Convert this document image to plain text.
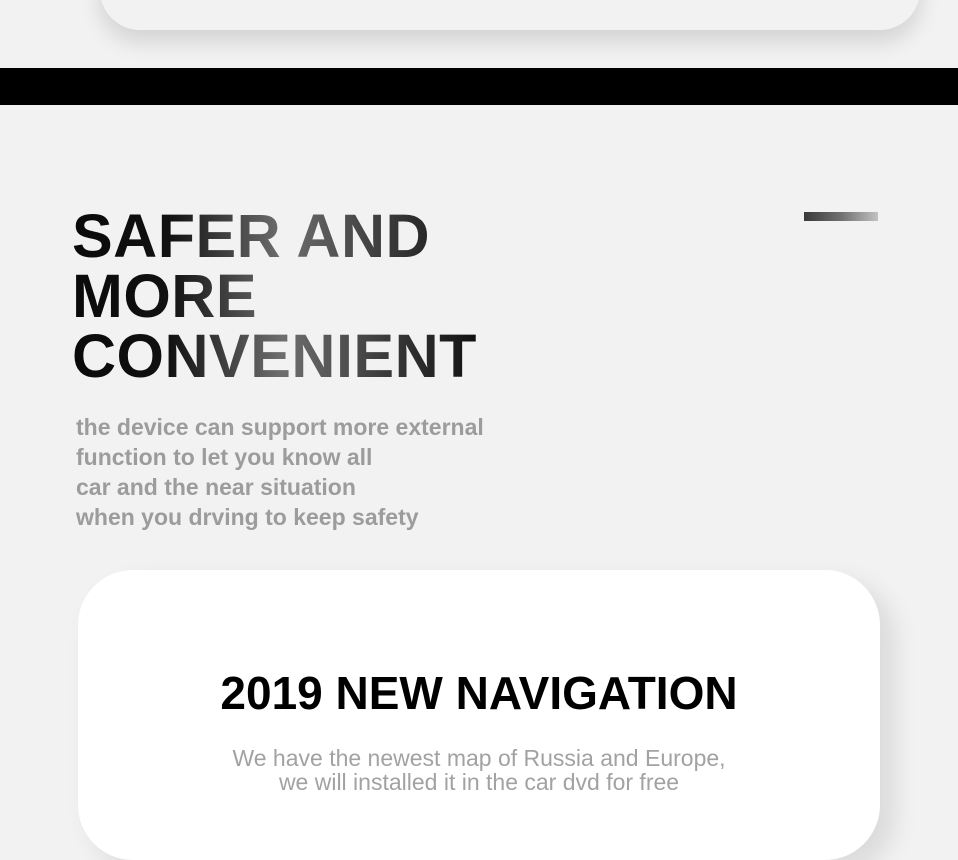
SAFER AND
MORE
CONVENIENT

the device can support more external
function to let you know all
car and the near situation
when you drving to keep safety

2019 NEW NAVIGATION

We have the newest map of Russia and Europe,
we will installed it in the car dvd for free
